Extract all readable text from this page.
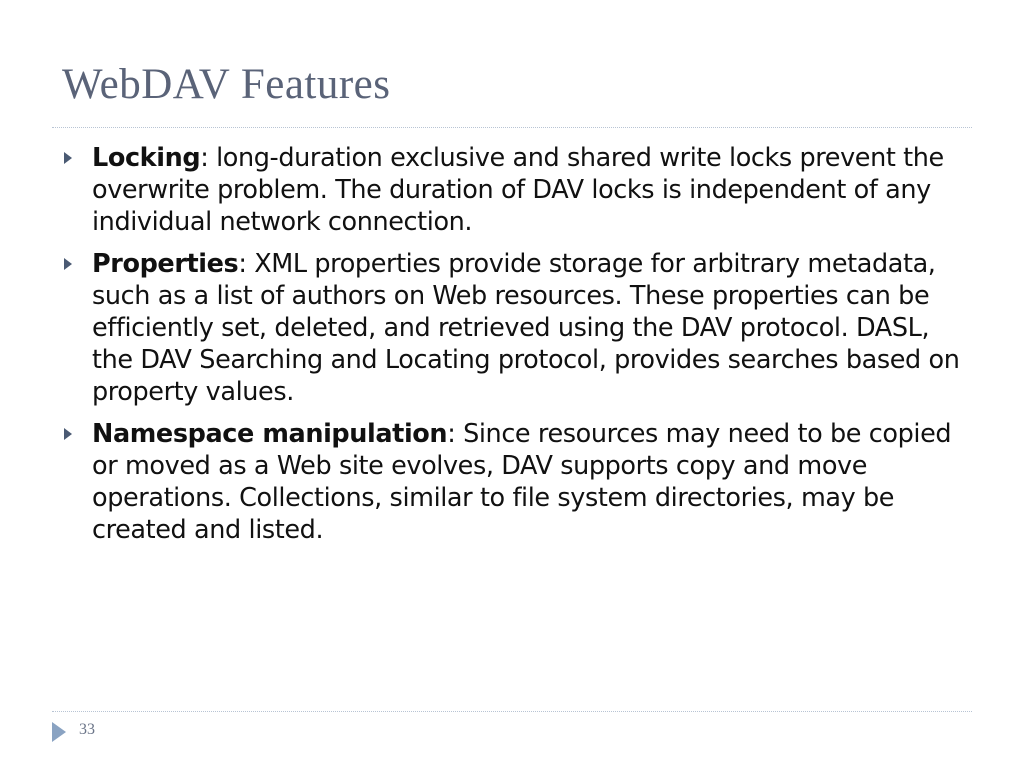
WebDAV Features
Locking: long-duration exclusive and shared write locks prevent the overwrite problem. The duration of DAV locks is independent of any individual network connection.
Properties: XML properties provide storage for arbitrary metadata, such as a list of authors on Web resources. These properties can be efficiently set, deleted, and retrieved using the DAV protocol. DASL, the DAV Searching and Locating protocol, provides searches based on property values.
Namespace manipulation: Since resources may need to be copied or moved as a Web site evolves, DAV supports copy and move operations. Collections, similar to file system directories, may be created and listed.
33
